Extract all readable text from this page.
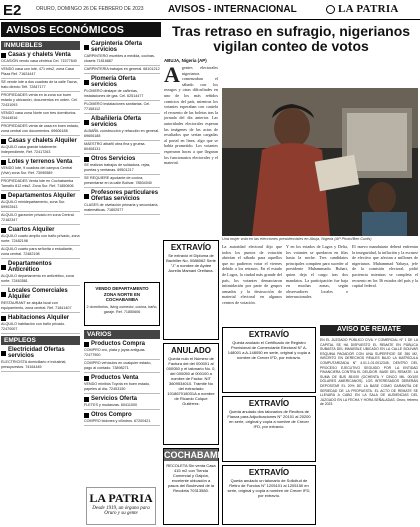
E2	ORURO, DOMINGO 26 DE FEBRERO DE 2023 AVISOS - INTERNACIONAL	LA PATRIA
AVISOS ECONÓMICOS
INMUEBLES
Casas y chalets Venta
OCASIÓN vendo casa céntrica Cel. 71577640
VENDO casa con lote, 471 mts2, zona Casa Plaza Ref. 71624447
SE vende lote a dos cuadras de la calle Tacna, trato directo Telf. 72847177
PROPIEDADES venta en la zona sur buen estado y ubicación, documentos en orden. Cel. 72431093
VENDO casa zona Norte con tres dormitorios. 70444516
PROPIEDADES venta de casa en buen estado, zona central con documentos. 69606188
Casas y chalets Alquiler
ALQUILO casa grande totalmente independiente, Ref. 72417263
Lotes y terrenos Venta
VENDO lote, 9 cuadras del campus Central (Vivir) zona Sur. Ref. 73090589
PROPIEDADES Venta lote en Cochabamba Tamaño 812 mts2. Zona Sur. Ref. 71850606
Departamentos Alquiler
ALQUILO minidepartamento, zona Sur. 69902543
ALQUILO garzonier privado en zona Central. 72182347
Cuartos Alquiler
ALQUILO cuarto amplio con baño privado, zona norte. 72482198
ALQUILO cuarto para señorita o estudiante, zona central. 72482198
Departamentos Anticrético
ALQUILO departamento en anticrético, zona norte. 72463581
Locales Comerciales Alquiler
RESTAURANT se alquila local con equipamiento, zona central. Ref. 71841407
Habitaciones Alquiler
ALQUILO habitación con baño privado. 72470007
EMPLEOS
Electricidad Ofertas servicios
ELECTRICISTA domiciliario e industrial, presupuestos. 74164445
Carpintería Oferta servicios
CARPINTERO muebles a medida, cocinas, closets 71816887
CARPINTERÍA trabajos en general. 68101212
Plomería Oferta servicios
PLOMERO destape de cañerías, instalaciones de gas. Cel. 62514477
PLOMERO instalaciones sanitarias. Cel. 77158112
Albañilería Oferta servicios
ALBAÑIL construcción y refacción en general. 69606188
MAESTRO albañil obra fina y gruesa. 60408131
Otros Servicios
SE realizan trabajos de soldadura, rejas, puertas y ventanas. 69501217
SE REQUIERE ayudante de cocina, presentarse en la calle Bolívar. 78504040
Profesores particulares Ofertas servicios
CLASES de nivelación primaria y secundaria, matemáticas. 71802577
VENDO DEPARTAMENTO
ZONA NORTE EN
COCHABAMBA
2 dormitorios, living comedor, cocina, baño, garaje. Ref. 71850606
VARIOS
Productos Compra
COMPRO oro, plata y joyas antiguas. 72477900
COMPRO vehículos en cualquier estado, pago al contado. 73898271
Productos Venta
VENDO minibús Toyota en buen estado, papeles al día. 72453150
Servicios Oferta
FLETES y mudanzas. 60411000
Otros Compro
COMPRO bidones y cilindros. 67200421
LA PATRIA
Desde 1919, un órgano para Oruro y su gente
Tras retraso en sufragio, nigerianos vigilan conteo de votos
ABUJA, Nigeria (AP)
Agentes electorales nigerianos comenzaban el sábado con los rezagos y otras dificultades en uno de los más reñidos comicios del país, mientras los votantes esperaban con cautela el recuento de las boletas tras la jornada del día anterior. Las autoridades electorales esperan las imágenes de las actas de resultados que serían cargadas al portal en línea, algo que se había prometido. Los votantes esperaron horas a que llegaran los funcionarios electorales y el material.
Una mujer vota en las elecciones presidenciales en Abuja, Nigeria (AP Photo/Ben Curtis)
La autoridad electoral dijo que todos los puntos de votación abrirían el sábado para aquellos que no pudieron votar el viernes debido a los retrasos. En el estado de Lagos, la ciudad más grande del país, los votantes denunciaron intimidación por parte de grupos armados y la destrucción de material electoral en algunos centros de votación.
Y en los estados de Lagos y Delta, los votantes se quedaron en filas hasta la noche. Tres candidatos principales compiten para suceder al presidente Muhammadu Buhari, quien deja el cargo tras dos mandatos. La participación fue baja en muchas zonas, según observadores locales e internacionales.
El nuevo mandatario deberá enfrentar la inseguridad, la inflación y la escasez de efectivo que afectan a millones de nigerianos. Muhammad Yahaya, jefe de la comisión electoral, pidió paciencia mientras se completa el recuento en los 36 estados del país y la capital federal.
EXTRAVÍO
Se extravió el Diploma de Bachiller No. 0088062 Serie "J" a nombre de Aydee Aurelia Mamani Orellana.
ANULADO
Queda nulo el Número de Factura del del 000001 al 000050 y el talonario No. 0, del 000050 al 000100 a nombre de Factor. NIT 3609534010. Trámite No del extraviado 101867018031A a nombre de Ricardo Colque Gutiérrez.
COCHABAMBA
RECOLETA Sin venta Casa 415 m2 con Tienda Comercial y Galpón, excelente ubicación a pasos del Boulevard de la Recoleta 70313580.
EXTRAVÍO
Queda anulado el Certificado de Registro Provisional de Comerciante Electoral N° A-148001 a A-148050 en serie, original y copia a nombre de Crecer IFD, por extravío.
EXTRAVÍO
Queda anulado dos talonarios de Recibos de Fianza para Adjudicaciones N° 20101 al 20200 en serie, original y copia a nombre de Crecer IFD, por extravío.
EXTRAVÍO
Queda anulado un talonario de Solicitud de Retiro de Fondos N° 1205101 al 1205150 en serie, original y copia a nombre de Crecer IFD, por extravío.
AVISO DE REMATE
EN EL JUZGADO PÚBLICO CIVIL Y COMERCIAL N° 1 DE LA CAPITAL SE HA DISPUESTO EL REMATE EN PÚBLICA SUBASTA DEL INMUEBLE UBICADO EN LA CALLE BOLÍVAR ESQUINA PAGADOR CON UNA SUPERFICIE DE 350 M2, INSCRITO EN DERECHOS REALES BAJO LA MATRÍCULA COMPUTARIZADA N° 4.01.1.01.0012345, DENTRO DEL PROCESO EJECUTIVO SEGUIDO POR LA ENTIDAD FINANCIERA CONTRA EL DEUDOR. BASE DEL REMATE: LA SUMA DE $US 85.000 (OCHENTA Y CINCO MIL 00/100 DÓLARES AMERICANOS). LOS INTERESADOS DEBERÁN DEPOSITAR EL 20% DE LA BASE COMO GARANTÍA DE SERIEDAD DE LA PROPUESTA. EL ACTO DE REMATE SE LLEVARÁ A CABO EN LA SALA DE AUDIENCIAS DEL JUZGADO EN LA FECHA Y HORA SEÑALADAS. Oruro, febrero de 2023.
